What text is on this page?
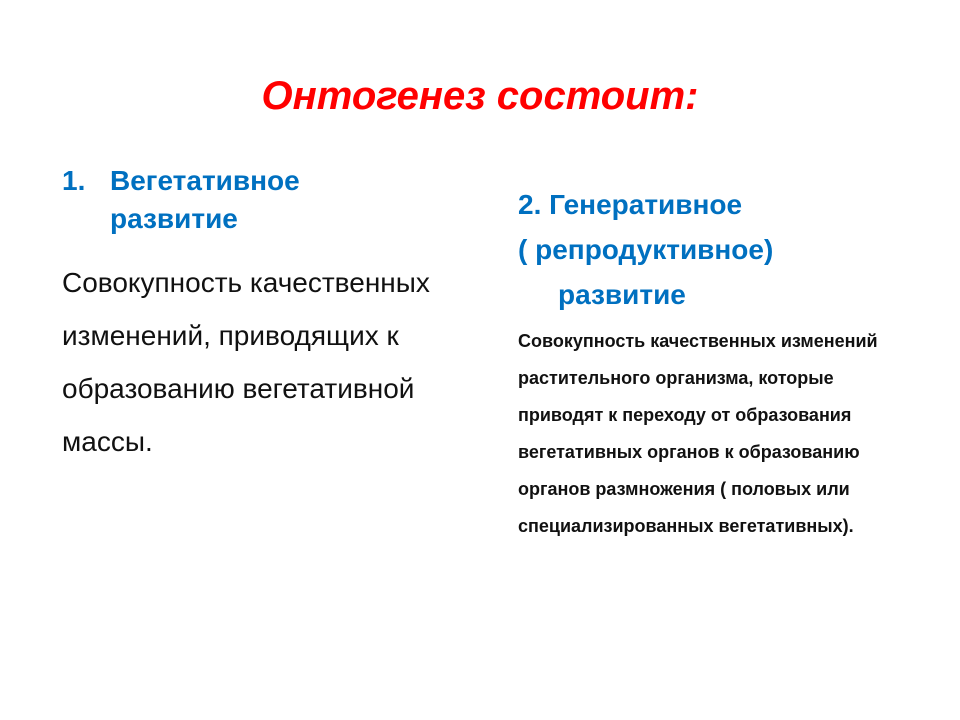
Онтогенез состоит:
1. Вегетативное развитие
Совокупность качественных изменений, приводящих к образованию вегетативной массы.
2. Генеративное
( репродуктивное)
развитие
Совокупность качественных изменений растительного организма, которые приводят к переходу от образования вегетативных органов к образованию органов размножения ( половых или специализированных вегетативных).
